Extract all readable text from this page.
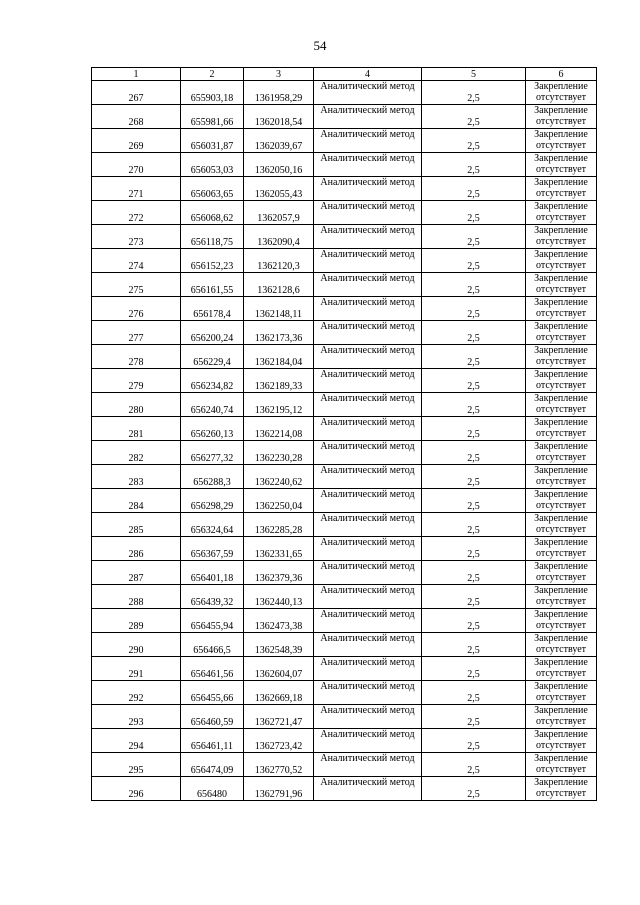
54
1	2	3	4	5	6
267	655903,18	1361958,29	Аналитический метод	2,5	Закрепление отсутствует
268	655981,66	1362018,54	Аналитический метод	2,5	Закрепление отсутствует
269	656031,87	1362039,67	Аналитический метод	2,5	Закрепление отсутствует
270	656053,03	1362050,16	Аналитический метод	2,5	Закрепление отсутствует
271	656063,65	1362055,43	Аналитический метод	2,5	Закрепление отсутствует
272	656068,62	1362057,9	Аналитический метод	2,5	Закрепление отсутствует
273	656118,75	1362090,4	Аналитический метод	2,5	Закрепление отсутствует
274	656152,23	1362120,3	Аналитический метод	2,5	Закрепление отсутствует
275	656161,55	1362128,6	Аналитический метод	2,5	Закрепление отсутствует
276	656178,4	1362148,11	Аналитический метод	2,5	Закрепление отсутствует
277	656200,24	1362173,36	Аналитический метод	2,5	Закрепление отсутствует
278	656229,4	1362184,04	Аналитический метод	2,5	Закрепление отсутствует
279	656234,82	1362189,33	Аналитический метод	2,5	Закрепление отсутствует
280	656240,74	1362195,12	Аналитический метод	2,5	Закрепление отсутствует
281	656260,13	1362214,08	Аналитический метод	2,5	Закрепление отсутствует
282	656277,32	1362230,28	Аналитический метод	2,5	Закрепление отсутствует
283	656288,3	1362240,62	Аналитический метод	2,5	Закрепление отсутствует
284	656298,29	1362250,04	Аналитический метод	2,5	Закрепление отсутствует
285	656324,64	1362285,28	Аналитический метод	2,5	Закрепление отсутствует
286	656367,59	1362331,65	Аналитический метод	2,5	Закрепление отсутствует
287	656401,18	1362379,36	Аналитический метод	2,5	Закрепление отсутствует
288	656439,32	1362440,13	Аналитический метод	2,5	Закрепление отсутствует
289	656455,94	1362473,38	Аналитический метод	2,5	Закрепление отсутствует
290	656466,5	1362548,39	Аналитический метод	2,5	Закрепление отсутствует
291	656461,56	1362604,07	Аналитический метод	2,5	Закрепление отсутствует
292	656455,66	1362669,18	Аналитический метод	2,5	Закрепление отсутствует
293	656460,59	1362721,47	Аналитический метод	2,5	Закрепление отсутствует
294	656461,11	1362723,42	Аналитический метод	2,5	Закрепление отсутствует
295	656474,09	1362770,52	Аналитический метод	2,5	Закрепление отсутствует
296	656480	1362791,96	Аналитический метод	2,5	Закрепление отсутствует
